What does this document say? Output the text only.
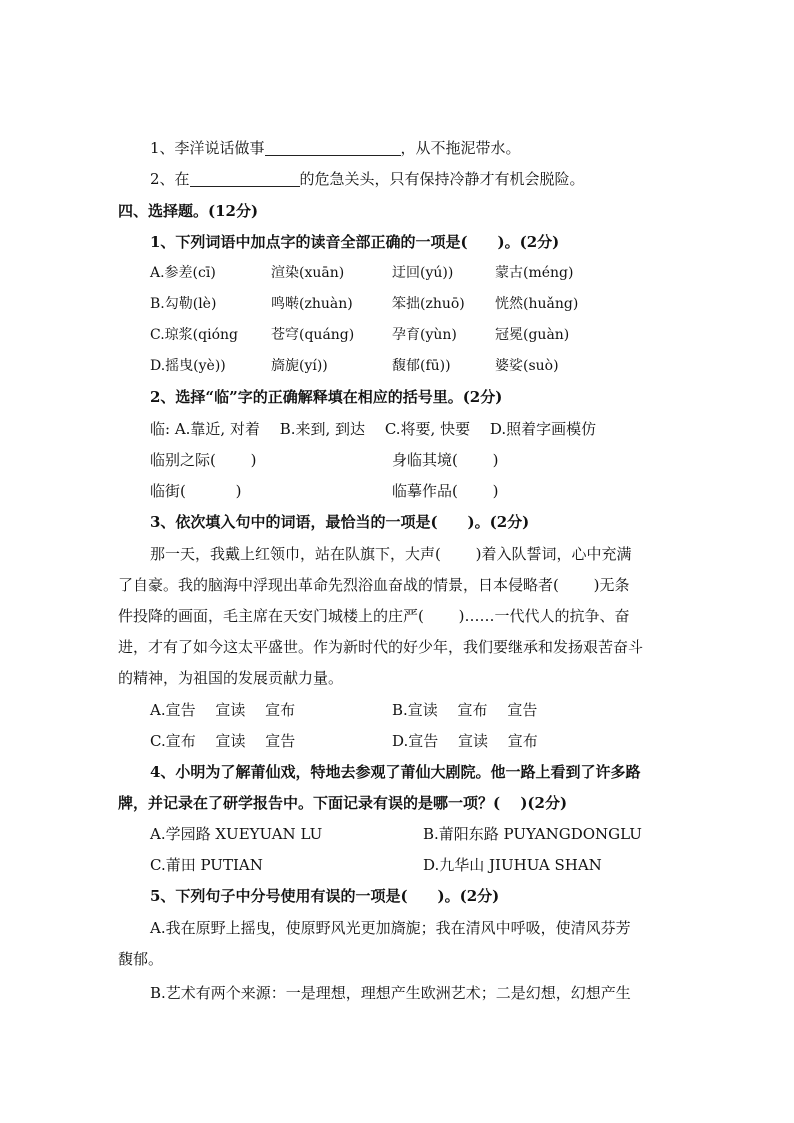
1、李洋说话做事	，从不拖泥带水。
2、在	的危急关头，只有保持冷静才有机会脱险。
四、选择题。(12分)
1、下列词语中加点字的读音全部正确的一项是(　　)。(2分)
A.参差(cī)	渲染(xuān)	迂回(yú))	蒙古(méng)
B.勾勒(lè)	鸣啭(zhuàn)	笨拙(zhuō) 恍然(huǎng)
C.琼浆(qióng 苍穹(quáng)	孕育(yùn)	冠冕(guàn)
D.摇曳(yè))	旖旎(yí))	馥郁(fū))	婆娑(suò)
2、选择“临”字的正确解释填在相应的括号里。(2分)
临: A.靠近, 对着　 B.来到, 到达　 C.将要, 快要　 D.照着字画模仿
临别之际(　　 )	身临其境(　　 )
临街(　　　 )	临摹作品(　　 )
3、依次填入句中的词语，最恰当的一项是(　　)。(2分)
那一天，我戴上红领巾，站在队旗下，大声(　　 )着入队誓词，心中充满
了自豪。我的脑海中浮现出革命先烈浴血奋战的情景，日本侵略者(　　 )无条
件投降的画面，毛主席在天安门城楼上的庄严(　　 )……一代代人的抗争、奋
进，才有了如今这太平盛世。作为新时代的好少年，我们要继承和发扬艰苦奋斗
的精神，为祖国的发展贡献力量。
A.宣告　 宣读　 宣布	B.宣读　 宣布　 宣告
C.宣布　 宣读　 宣告	D.宣告　 宣读　 宣布
4、小明为了解莆仙戏，特地去参观了莆仙大剧院。他一路上看到了许多路
牌，并记录在了研学报告中。下面记录有误的是哪一项？(　 )(2分)
A.学园路 XUEYUAN LU	B.莆阳东路 PUYANGDONGLU
C.莆田 PUTIAN	D.九华山 JIUHUA SHAN
5、下列句子中分号使用有误的一项是(　　)。(2分)
A.我在原野上摇曳，使原野风光更加旖旎；我在清风中呼吸，使清风芬芳
馥郁。
B.艺术有两个来源：一是理想，理想产生欧洲艺术；二是幻想，幻想产生
